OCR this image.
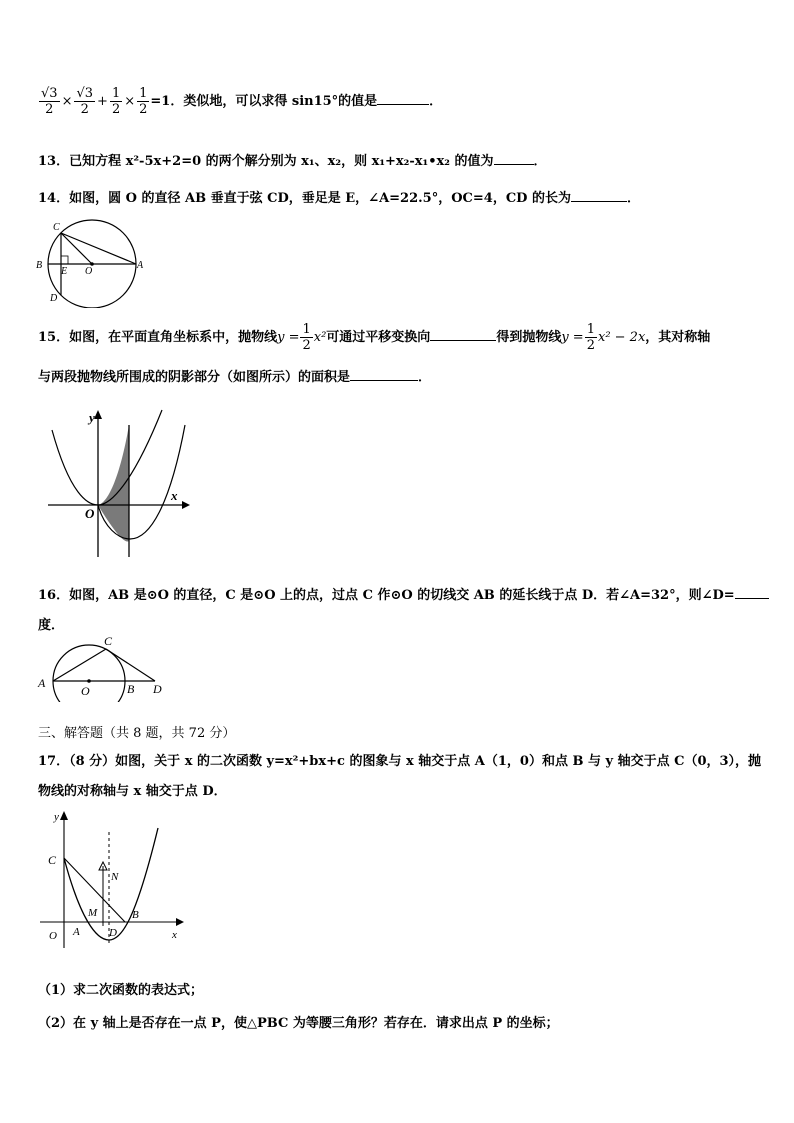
$\frac{√3}{2} \times \frac{√3}{2} + \frac{1}{2} \times \frac{1}{2} =1$．类似地，可以求得 sin15°的值是	．
13．已知方程 x²-5x+2=0 的两个解分别为 x₁、x₂，则 x₁+x₂-x₁•x₂ 的值为	．
14．如图，圆 O 的直径 AB 垂直于弦 CD，垂足是 E，∠A=22.5°，OC=4，CD 的长为	．
C
B
E O
A
D
15．如图，在平面直角坐标系中，抛物线$y = \frac{1}{2} x^2$可通过平移变换向	得到抛物线$y = \frac{1}{2} x^2 - 2x$，其对称轴
与两段抛物线所围成的阴影部分（如图所示）的面积是	．
y
x
O
16．如图，AB 是⊙O 的直径，C 是⊙O 上的点，过点 C 作⊙O 的切线交 AB 的延长线于点 D．若∠A=32°，则∠D=
度．
A
C
O	B D
三、解答题（共 8 题，共 72 分）
17．（8 分）如图，关于 x 的二次函数 y=x²+bx+c 的图象与 x 轴交于点 A（1，0）和点 B 与 y 轴交于点 C（0，3），抛
物线的对称轴与 x 轴交于点 D．
y
C
N
M	B
O A	D	x
（1）求二次函数的表达式；
（2）在 y 轴上是否存在一点 P，使△PBC 为等腰三角形？若存在．请求出点 P 的坐标；
